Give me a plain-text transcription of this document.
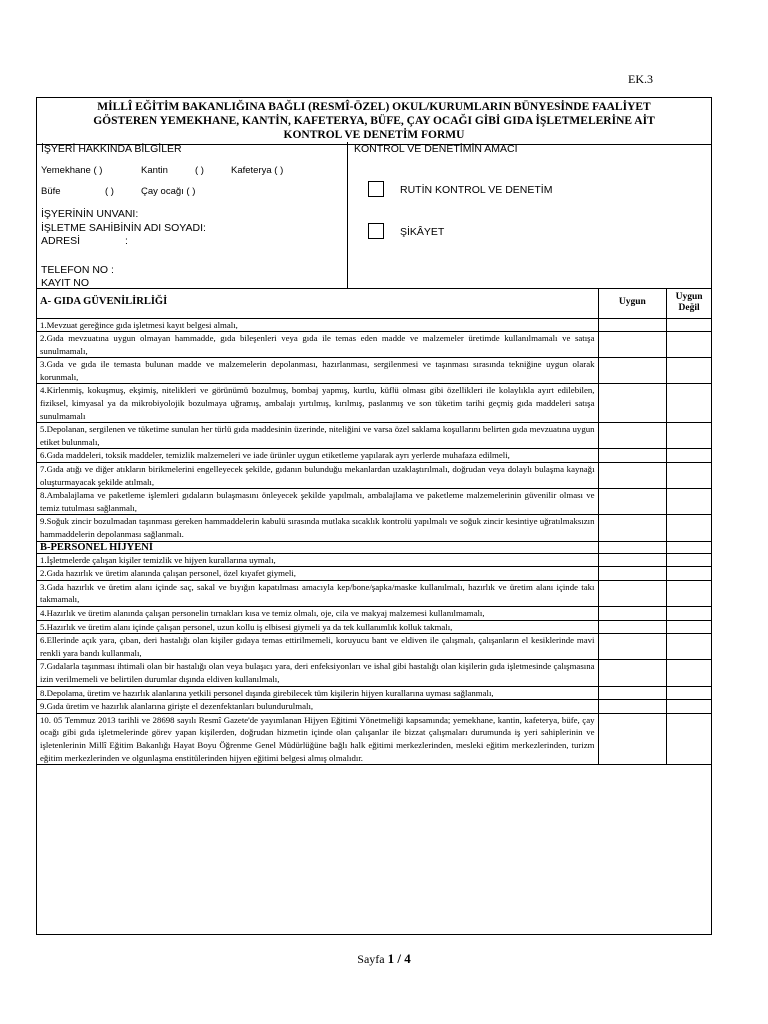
EK.3
MİLLÎ EĞİTİM BAKANLIĞINA BAĞLI (RESMÎ-ÖZEL) OKUL/KURUMLARIN BÜNYESİNDE FAALİYET
GÖSTEREN YEMEKHANE, KANTİN, KAFETERYA, BÜFE, ÇAY OCAĞI GİBİ GIDA İŞLETMELERİNE AİT
KONTROL VE DENETİM FORMU
İŞYERİ HAKKINDA BİLGİLER
Yemekhane ( )	Kantin	( )	Kafeterya ( )
Büfe	( )	Çay ocağı ( )
İŞYERİNİN UNVANI:
İŞLETME SAHİBİNİN ADI SOYADI:
ADRESİ	:
TELEFON NO :
KAYIT NO
KONTROL VE DENETİMİN AMACI
RUTİN KONTROL VE DENETİM
ŞİKÂYET
A- GIDA GÜVENİLİRLİĞİ	Uygun	Uygun Değil
1.Mevzuat gereğince gıda işletmesi kayıt belgesi almalı,		
2.Gıda mevzuatına uygun olmayan hammadde, gıda bileşenleri veya gıda ile temas eden madde ve malzemeler üretimde kullanılmamalı ve satışa sunulmamalı,		
3.Gıda ve gıda ile temasta bulunan madde ve malzemelerin depolanması, hazırlanması, sergilenmesi ve taşınması sırasında tekniğine uygun olarak korunmalı,		
4.Kirlenmiş, kokuşmuş, ekşimiş, nitelikleri ve görünümü bozulmuş, bombaj yapmış, kurtlu, küflü olması gibi özellikleri ile kolaylıkla ayırt edilebilen, fiziksel, kimyasal ya da mikrobiyolojik bozulmaya uğramış, ambalajı yırtılmış, kırılmış, paslanmış ve son tüketim tarihi geçmiş gıda maddeleri satışa sunulmamalı		
5.Depolanan, sergilenen ve tüketime sunulan her türlü gıda maddesinin üzerinde, niteliğini ve varsa özel saklama koşullarını belirten gıda mevzuatına uygun etiket bulunmalı,		
6.Gıda maddeleri, toksik maddeler, temizlik malzemeleri ve iade ürünler uygun etiketleme yapılarak ayrı yerlerde muhafaza edilmeli,		
7.Gıda atığı ve diğer atıkların birikmelerini engelleyecek şekilde, gıdanın bulunduğu mekanlardan uzaklaştırılmalı, doğrudan veya dolaylı bulaşma kaynağı oluşturmayacak şekilde atılmalı,		
8.Ambalajlama ve paketleme işlemleri gıdaların bulaşmasını önleyecek şekilde yapılmalı, ambalajlama ve paketleme malzemelerinin güvenilir olması ve temiz tutulması sağlanmalı,		
9.Soğuk zincir bozulmadan taşınması gereken hammaddelerin kabulü sırasında mutlaka sıcaklık kontrolü yapılmalı ve soğuk zincir kesintiye uğratılmaksızın hammaddelerin depolanması sağlanmalı.		
B-PERSONEL HİJYENİ		
1.İşletmelerde çalışan kişiler temizlik ve hijyen kurallarına uymalı,		
2.Gıda hazırlık ve üretim alanında çalışan personel, özel kıyafet giymeli,		
3.Gıda hazırlık ve üretim alanı içinde saç, sakal ve bıyığın kapatılması amacıyla kep/bone/şapka/maske kullanılmalı, hazırlık ve üretim alanı içinde takı takmamalı,		
4.Hazırlık ve üretim alanında çalışan personelin tırnakları kısa ve temiz olmalı, oje, cila ve makyaj malzemesi kullanılmamalı,		
5.Hazırlık ve üretim alanı içinde çalışan personel, uzun kollu iş elbisesi giymeli ya da tek kullanımlık kolluk takmalı,		
6.Ellerinde açık yara, çıban, deri hastalığı olan kişiler gıdaya temas ettirilmemeli, koruyucu bant ve eldiven ile çalışmalı, çalışanların el kesiklerinde mavi renkli yara bandı kullanmalı,		
7.Gıdalarla taşınması ihtimali olan bir hastalığı olan veya bulaşıcı yara, deri enfeksiyonları ve ishal gibi hastalığı olan kişilerin gıda işletmesinde çalışmasına izin verilmemeli ve belirtilen durumlar dışında eldiven kullanılmalı,		
8.Depolama, üretim ve hazırlık alanlarına yetkili personel dışında girebilecek tüm kişilerin hijyen kurallarına uyması sağlanmalı,		
9.Gıda üretim ve hazırlık alanlarına girişte el dezenfektanları bulundurulmalı,		
10. 05 Temmuz 2013 tarihli ve 28698 sayılı Resmî Gazete'de yayımlanan Hijyen Eğitimi Yönetmeliği kapsamında; yemekhane, kantin, kafeterya, büfe, çay ocağı gibi gıda işletmelerinde görev yapan kişilerden, doğrudan hizmetin içinde olan çalışanlar ile bizzat çalışmaları durumunda iş yeri sahiplerinin ve işletenlerinin Millî Eğitim Bakanlığı Hayat Boyu Öğrenme Genel Müdürlüğüne bağlı halk eğitimi merkezlerinden, mesleki eğitim merkezlerinden, turizm eğitim merkezlerinden ve olgunlaşma enstitülerinden hijyen eğitimi belgesi almış olmalıdır.		
Sayfa 1 / 4
